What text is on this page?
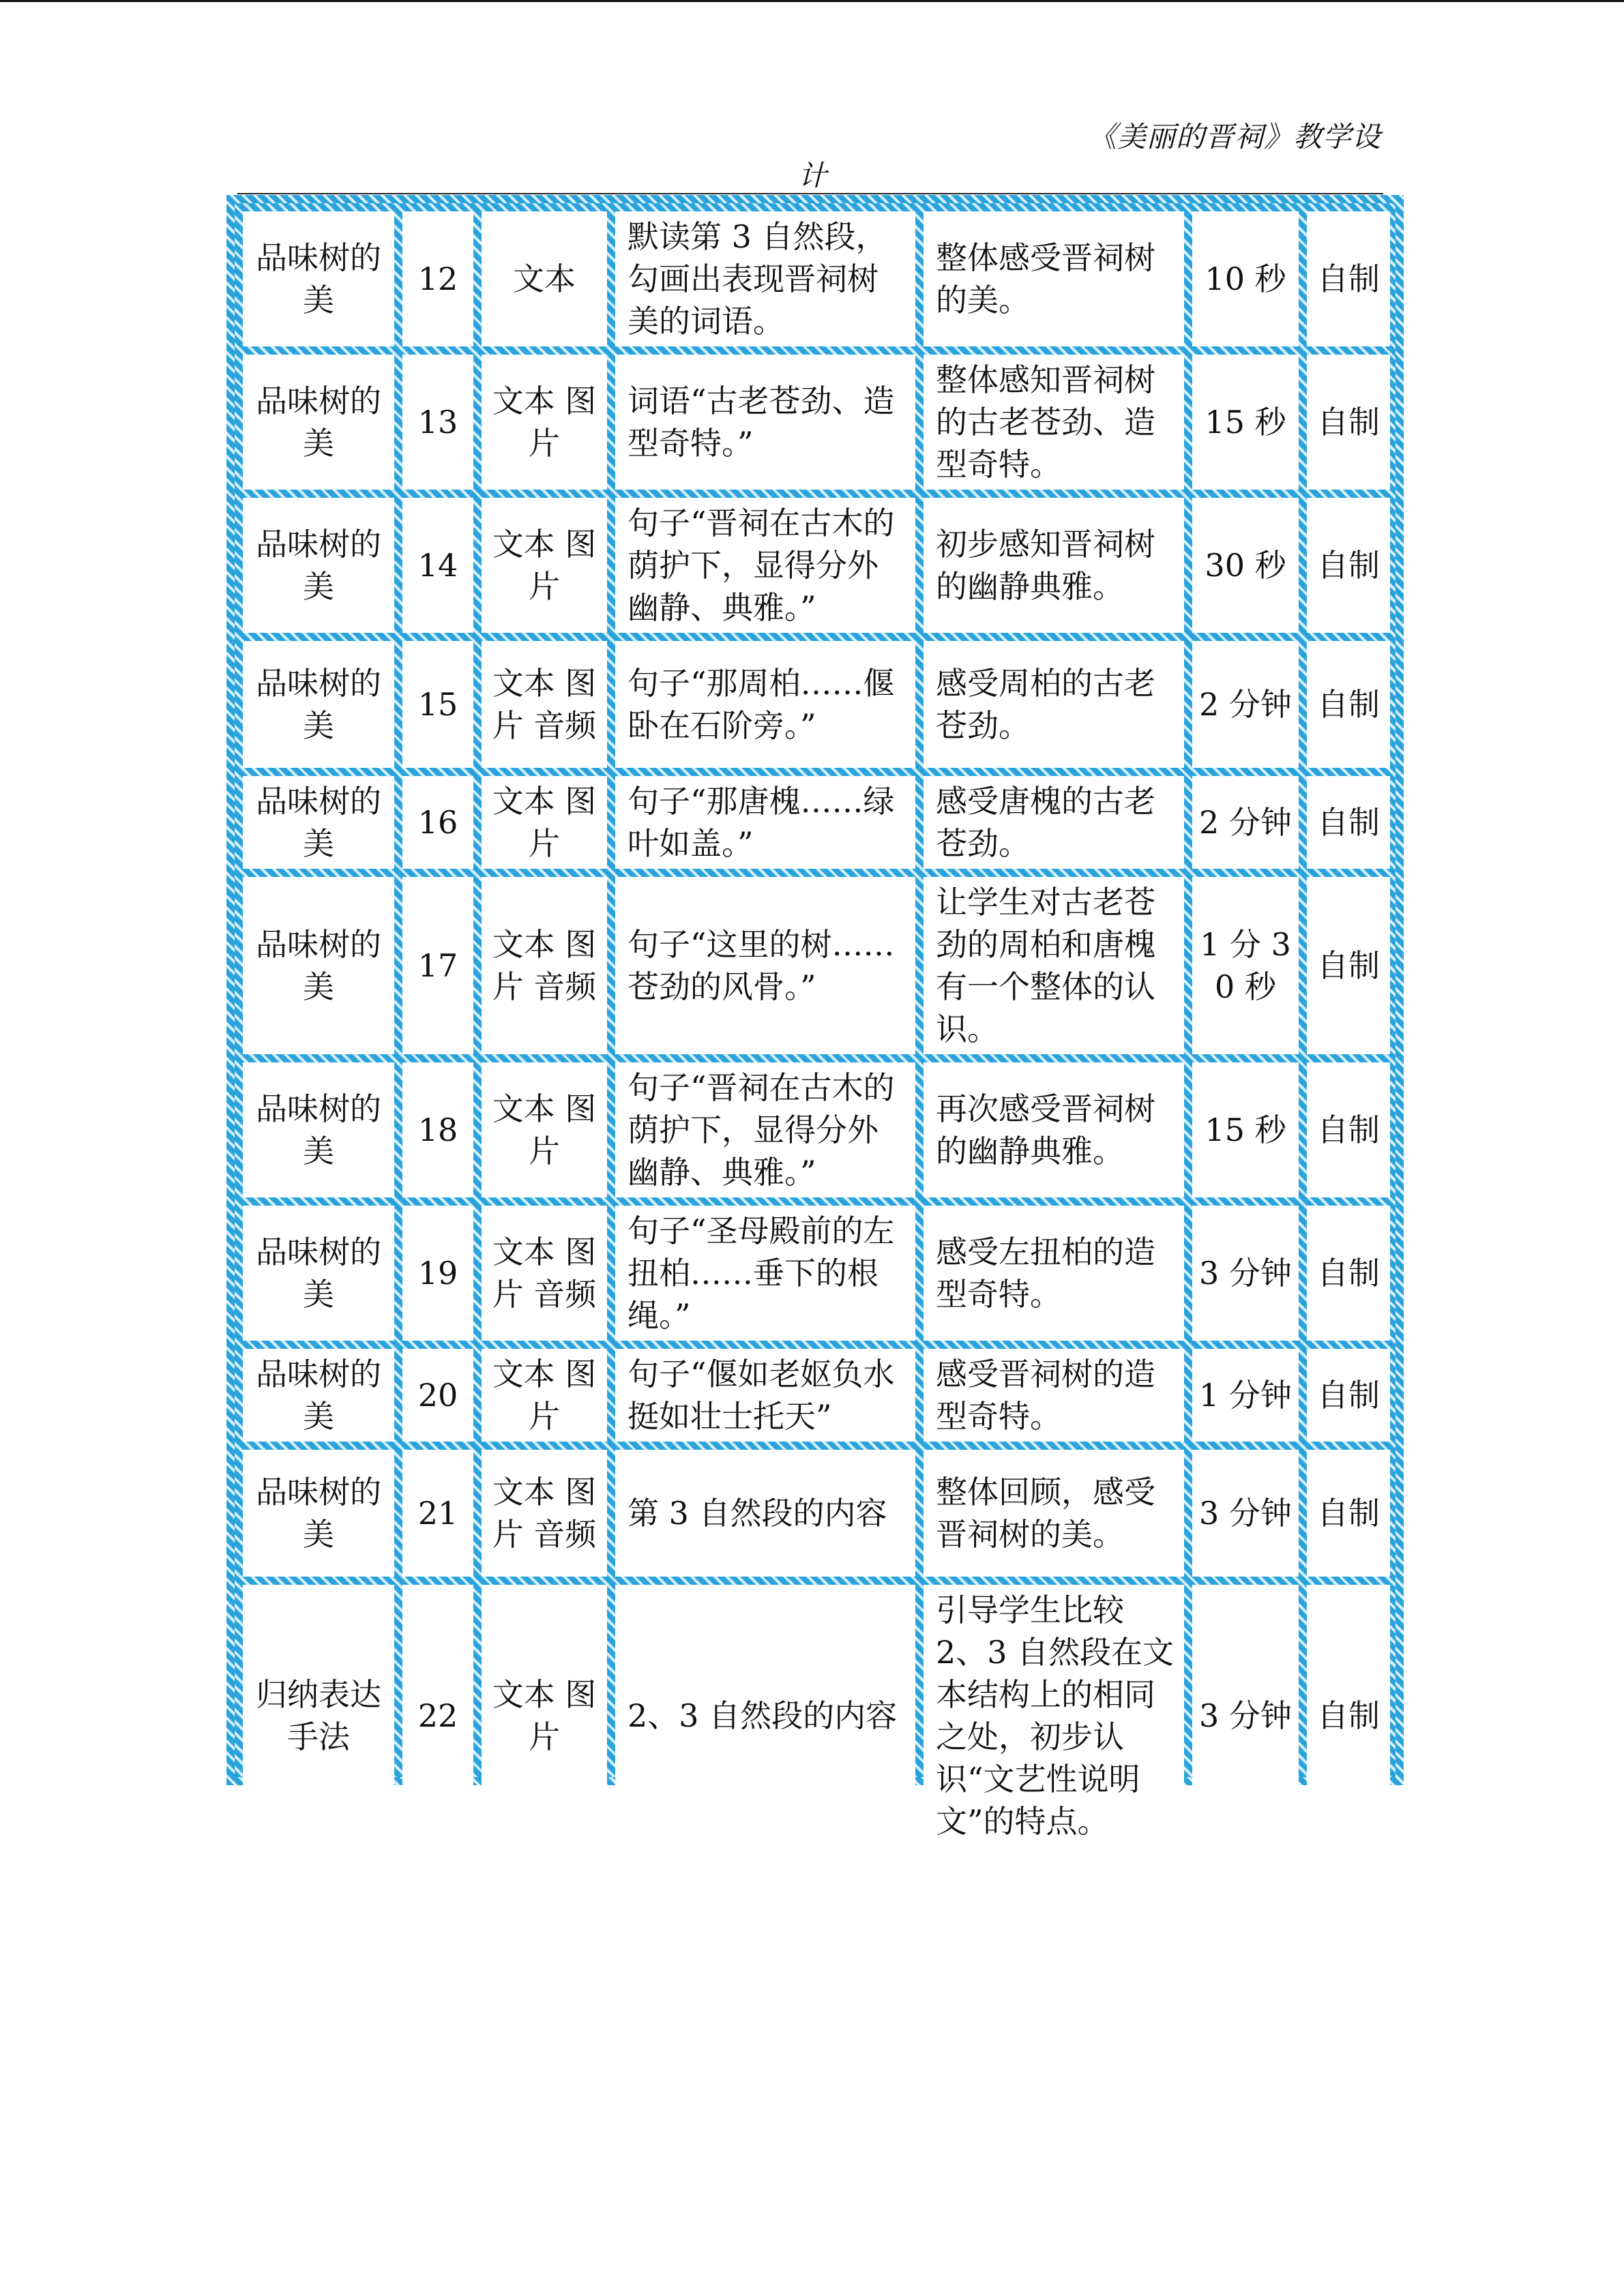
《美丽的晋祠》教学设
计
品味树的美	12	文本	默读第 3 自然段，勾画出表现晋祠树美的词语。	整体感受晋祠树的美。	10 秒	自制
品味树的美	13	文本 图片	词语“古老苍劲、造型奇特。”	整体感知晋祠树的古老苍劲、造型奇特。	15 秒	自制
品味树的美	14	文本 图片	句子“晋祠在古木的荫护下，显得分外幽静、典雅。”	初步感知晋祠树的幽静典雅。	30 秒	自制
品味树的美	15	文本 图片 音频	句子“那周柏……偃卧在石阶旁。”	感受周柏的古老苍劲。	2 分钟	自制
品味树的美	16	文本 图片	句子“那唐槐……绿叶如盖。”	感受唐槐的古老苍劲。	2 分钟	自制
品味树的美	17	文本 图片 音频	句子“这里的树……苍劲的风骨。”	让学生对古老苍劲的周柏和唐槐有一个整体的认识。	1 分 30 秒	自制
品味树的美	18	文本 图片	句子“晋祠在古木的荫护下，显得分外幽静、典雅。”	再次感受晋祠树的幽静典雅。	15 秒	自制
品味树的美	19	文本 图片 音频	句子“圣母殿前的左扭柏……垂下的根绳。”	感受左扭柏的造型奇特。	3 分钟	自制
品味树的美	20	文本 图片	句子“偃如老妪负水 挺如壮士托天”	感受晋祠树的造型奇特。	1 分钟	自制
品味树的美	21	文本 图片 音频	第 3 自然段的内容	整体回顾，感受晋祠树的美。	3 分钟	自制
归纳表达手法	22	文本 图片	2、3 自然段的内容	引导学生比较 2、3 自然段在文本结构上的相同之处，初步认识“文艺性说明文”的特点。	3 分钟	自制
